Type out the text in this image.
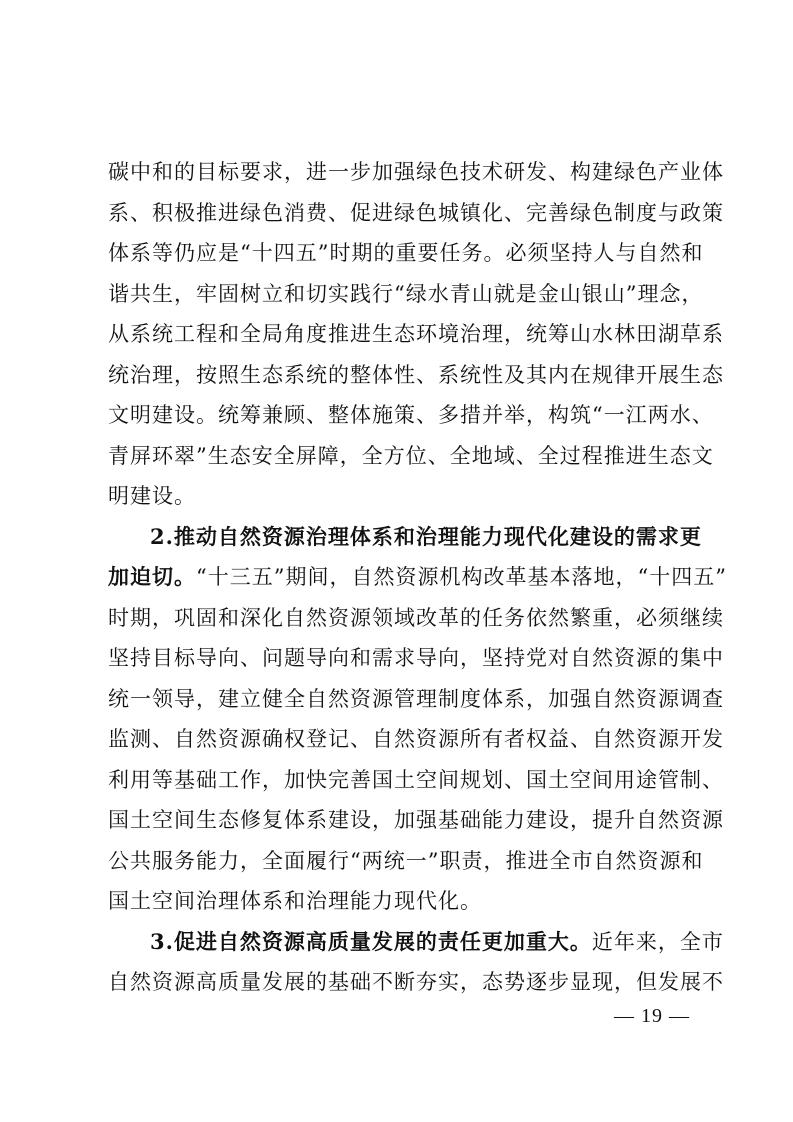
碳中和的目标要求，进一步加强绿色技术研发、构建绿色产业体
系、积极推进绿色消费、促进绿色城镇化、完善绿色制度与政策
体系等仍应是“十四五”时期的重要任务。必须坚持人与自然和
谐共生，牢固树立和切实践行“绿水青山就是金山银山”理念，
从系统工程和全局角度推进生态环境治理，统筹山水林田湖草系
统治理，按照生态系统的整体性、系统性及其内在规律开展生态
文明建设。统筹兼顾、整体施策、多措并举，构筑“一江两水、
青屏环翠”生态安全屏障，全方位、全地域、全过程推进生态文
明建设。
2.推动自然资源治理体系和治理能力现代化建设的需求更
加迫切。“十三五”期间，自然资源机构改革基本落地，“十四五”
时期，巩固和深化自然资源领域改革的任务依然繁重，必须继续
坚持目标导向、问题导向和需求导向，坚持党对自然资源的集中
统一领导，建立健全自然资源管理制度体系，加强自然资源调查
监测、自然资源确权登记、自然资源所有者权益、自然资源开发
利用等基础工作，加快完善国土空间规划、国土空间用途管制、
国土空间生态修复体系建设，加强基础能力建设，提升自然资源
公共服务能力，全面履行“两统一”职责，推进全市自然资源和
国土空间治理体系和治理能力现代化。
3.促进自然资源高质量发展的责任更加重大。近年来，全市
自然资源高质量发展的基础不断夯实，态势逐步显现，但发展不
— 19 —
